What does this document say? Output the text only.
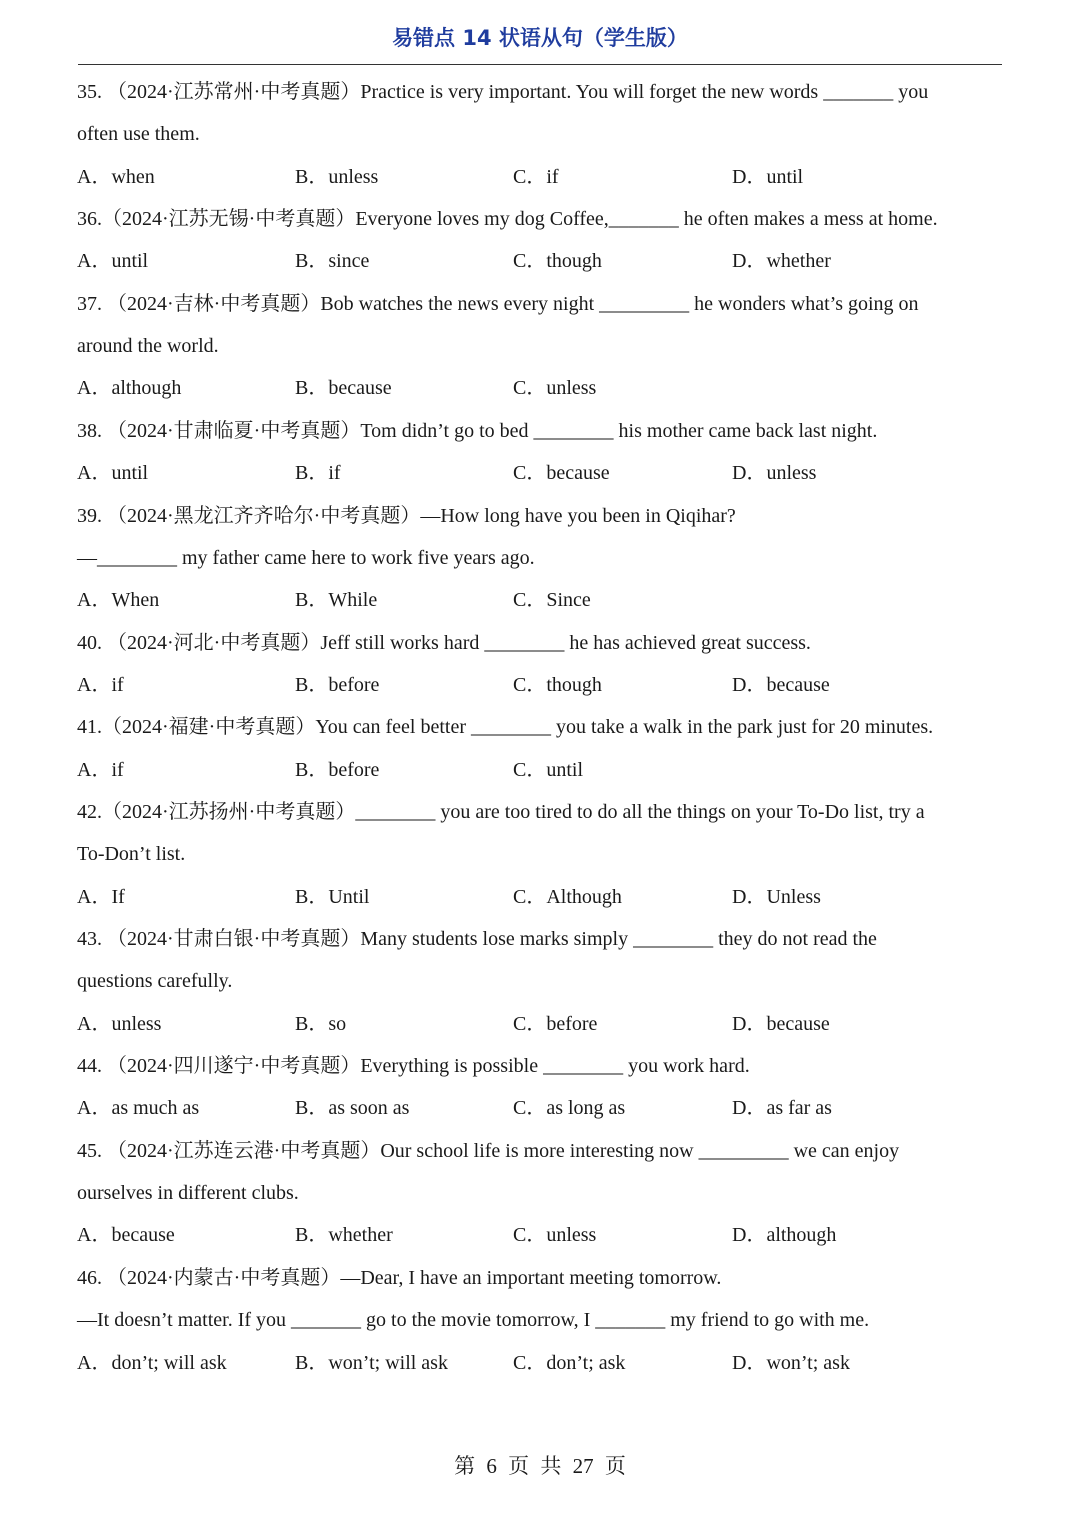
易错点 14 状语从句（学生版）
35. （2024·江苏常州·中考真题）Practice is very important. You will forget the new words _______ you
often use them.
A．when	B．unless	C．if	D．until
36.（2024·江苏无锡·中考真题）Everyone loves my dog Coffee,_______ he often makes a mess at home.
A．until	B．since	C．though	D．whether
37. （2024·吉林·中考真题）Bob watches the news every night _________ he wonders what’s going on
around the world.
A．although	B．because	C．unless
38. （2024·甘肃临夏·中考真题）Tom didn’t go to bed ________ his mother came back last night.
A．until	B．if	C．because	D．unless
39. （2024·黑龙江齐齐哈尔·中考真题）—How long have you been in Qiqihar?
—________ my father came here to work five years ago.
A．When	B．While	C．Since
40. （2024·河北·中考真题）Jeff still works hard ________ he has achieved great success.
A．if	B．before	C．though	D．because
41.（2024·福建·中考真题）You can feel better ________ you take a walk in the park just for 20 minutes.
A．if	B．before	C．until
42.（2024·江苏扬州·中考真题）________ you are too tired to do all the things on your To-Do list, try a
To-Don’t list.
A．If	B．Until	C．Although	D．Unless
43. （2024·甘肃白银·中考真题）Many students lose marks simply ________ they do not read the
questions carefully.
A．unless	B．so	C．before	D．because
44. （2024·四川遂宁·中考真题）Everything is possible ________ you work hard.
A．as much as	B．as soon as	C．as long as	D．as far as
45. （2024·江苏连云港·中考真题）Our school life is more interesting now _________ we can enjoy
ourselves in different clubs.
A．because	B．whether	C．unless	D．although
46. （2024·内蒙古·中考真题）—Dear, I have an important meeting tomorrow.
—It doesn’t matter. If you _______ go to the movie tomorrow, I _______ my friend to go with me.
A．don’t; will ask	B．won’t; will ask	C．don’t; ask	D．won’t; ask
第 6 页 共 27 页
